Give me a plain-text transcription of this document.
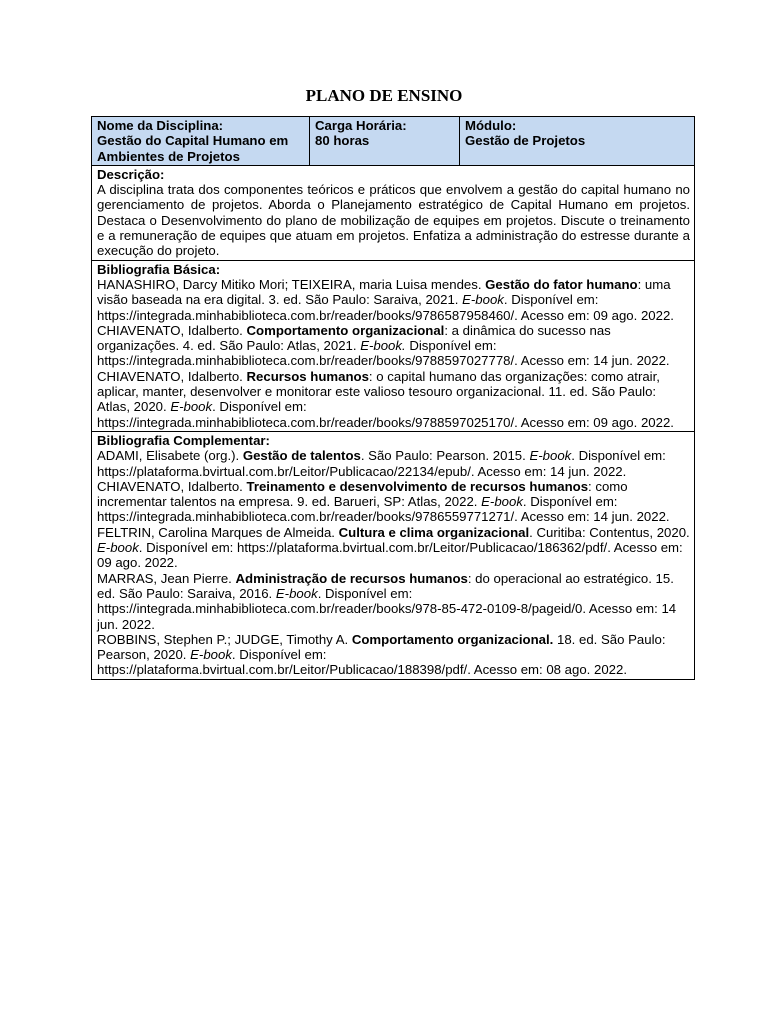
PLANO DE ENSINO
Nome da Disciplina:
Gestão do Capital Humano em Ambientes de Projetos

Carga Horária:
80 horas

Módulo:
Gestão de Projetos

Descrição:
A disciplina trata dos componentes teóricos e práticos que envolvem a gestão do capital humano no gerenciamento de projetos. Aborda o Planejamento estratégico de Capital Humano em projetos. Destaca o Desenvolvimento do plano de mobilização de equipes em projetos. Discute o treinamento e a remuneração de equipes que atuam em projetos. Enfatiza a administração do estresse durante a execução do projeto.

Bibliografia Básica:
HANASHIRO, Darcy Mitiko Mori; TEIXEIRA, maria Luisa mendes. Gestão do fator humano: uma visão baseada na era digital. 3. ed. São Paulo: Saraiva, 2021. E-book. Disponível em: https://integrada.minhabiblioteca.com.br/reader/books/9786587958460/. Acesso em: 09 ago. 2022.
CHIAVENATO, Idalberto. Comportamento organizacional: a dinâmica do sucesso nas organizações. 4. ed. São Paulo: Atlas, 2021. E-book. Disponível em: https://integrada.minhabiblioteca.com.br/reader/books/9788597027778/. Acesso em: 14 jun. 2022.
CHIAVENATO, Idalberto. Recursos humanos: o capital humano das organizações: como atrair, aplicar, manter, desenvolver e monitorar este valioso tesouro organizacional. 11. ed. São Paulo: Atlas, 2020. E-book. Disponível em: https://integrada.minhabiblioteca.com.br/reader/books/9788597025170/. Acesso em: 09 ago. 2022.

Bibliografia Complementar:
ADAMI, Elisabete (org.). Gestão de talentos. São Paulo: Pearson. 2015. E-book. Disponível em: https://plataforma.bvirtual.com.br/Leitor/Publicacao/22134/epub/. Acesso em: 14 jun. 2022.
CHIAVENATO, Idalberto. Treinamento e desenvolvimento de recursos humanos: como incrementar talentos na empresa. 9. ed. Barueri, SP: Atlas, 2022. E-book. Disponível em: https://integrada.minhabiblioteca.com.br/reader/books/9786559771271/. Acesso em: 14 jun. 2022.
FELTRIN, Carolina Marques de Almeida. Cultura e clima organizacional. Curitiba: Contentus, 2020. E-book. Disponível em: https://plataforma.bvirtual.com.br/Leitor/Publicacao/186362/pdf/. Acesso em: 09 ago. 2022.
MARRAS, Jean Pierre. Administração de recursos humanos: do operacional ao estratégico. 15. ed. São Paulo: Saraiva, 2016. E-book. Disponível em: https://integrada.minhabiblioteca.com.br/reader/books/978-85-472-0109-8/pageid/0. Acesso em: 14 jun. 2022.
ROBBINS, Stephen P.; JUDGE, Timothy A. Comportamento organizacional. 18. ed. São Paulo: Pearson, 2020. E-book. Disponível em: https://plataforma.bvirtual.com.br/Leitor/Publicacao/188398/pdf/. Acesso em: 08 ago. 2022.
